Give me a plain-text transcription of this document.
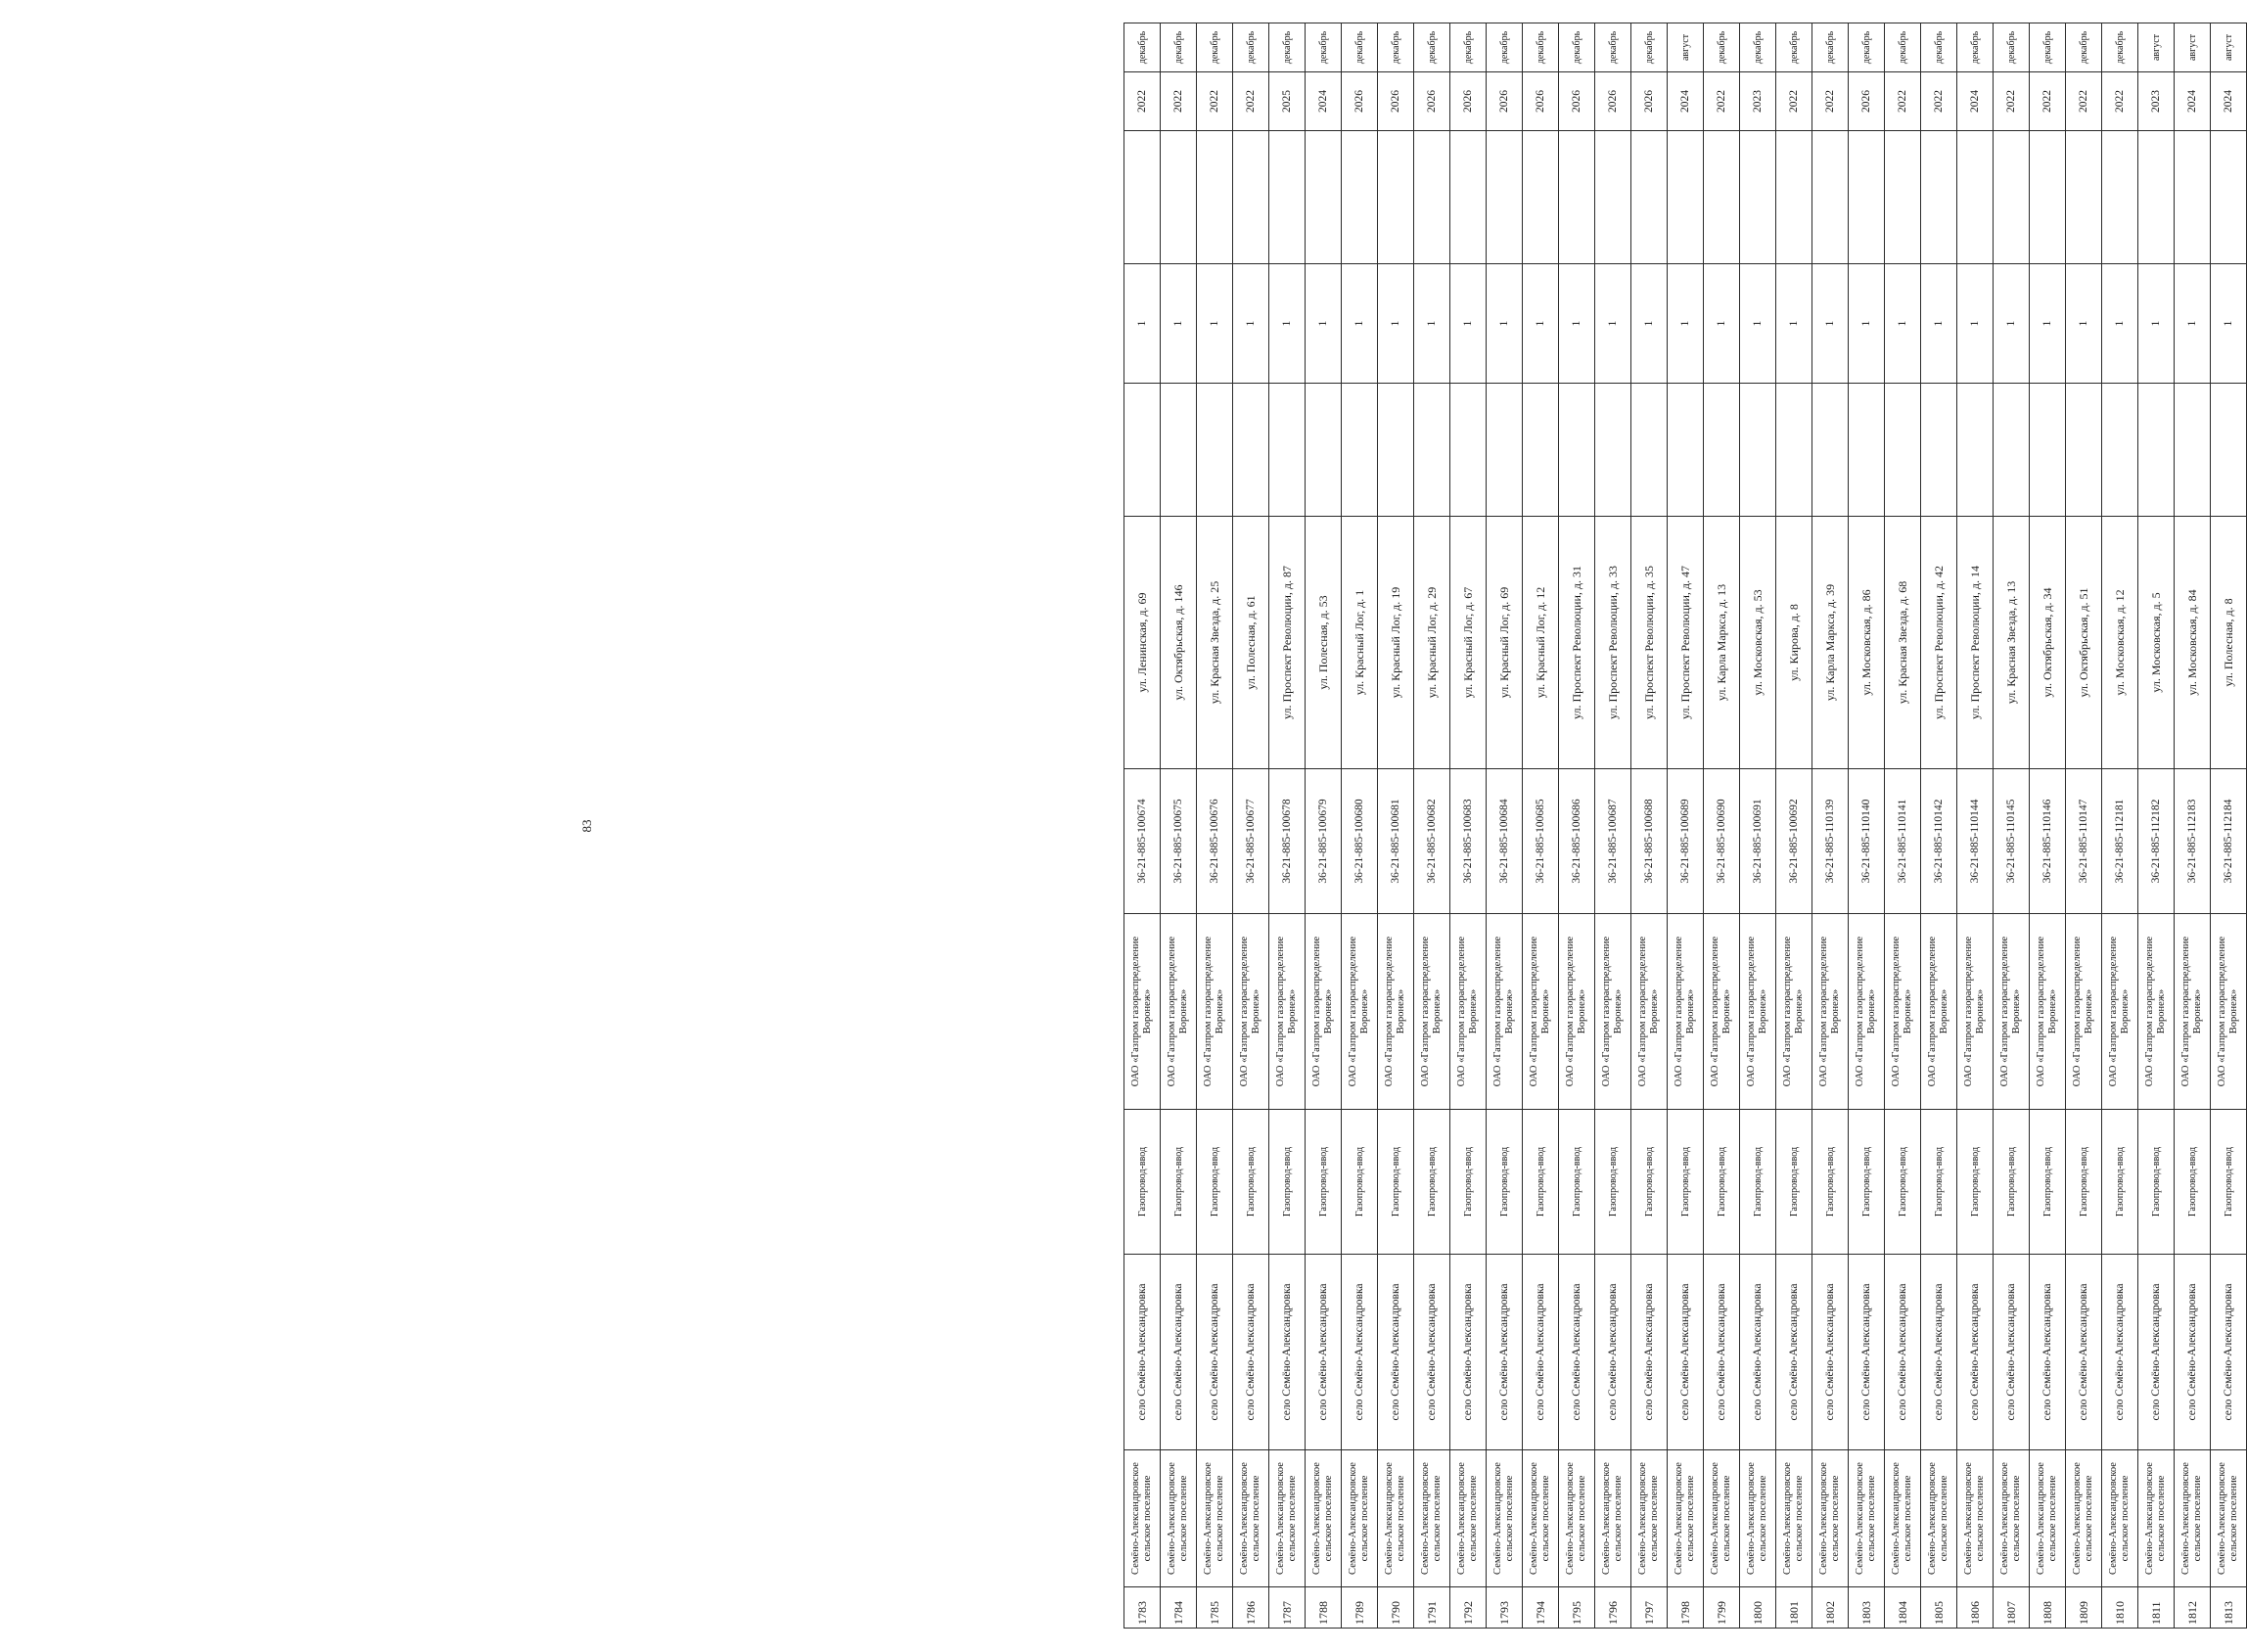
83
1783	Семёно-Александровское сельское поселение	село Семёно-Александровка	Газопровод-ввод	ОАО «Газпром газораспределение Воронеж»	36-21-885-100674	ул. Ленинская, д. 69		1		2022	декабрь
1784	Семёно-Александровское сельское поселение	село Семёно-Александровка	Газопровод-ввод	ОАО «Газпром газораспределение Воронеж»	36-21-885-100675	ул. Октябрьская, д. 146		1		2022	декабрь
1785	Семёно-Александровское сельское поселение	село Семёно-Александровка	Газопровод-ввод	ОАО «Газпром газораспределение Воронеж»	36-21-885-100676	ул. Красная Звезда, д. 25		1		2022	декабрь
1786	Семёно-Александровское сельское поселение	село Семёно-Александровка	Газопровод-ввод	ОАО «Газпром газораспределение Воронеж»	36-21-885-100677	ул. Полесная, д. 61		1		2022	декабрь
1787	Семёно-Александровское сельское поселение	село Семёно-Александровка	Газопровод-ввод	ОАО «Газпром газораспределение Воронеж»	36-21-885-100678	ул. Проспект Революции, д. 87		1		2025	декабрь
1788	Семёно-Александровское сельское поселение	село Семёно-Александровка	Газопровод-ввод	ОАО «Газпром газораспределение Воронеж»	36-21-885-100679	ул. Полесная, д. 53		1		2024	декабрь
1789	Семёно-Александровское сельское поселение	село Семёно-Александровка	Газопровод-ввод	ОАО «Газпром газораспределение Воронеж»	36-21-885-100680	ул. Красный Лог, д. 1		1		2026	декабрь
1790	Семёно-Александровское сельское поселение	село Семёно-Александровка	Газопровод-ввод	ОАО «Газпром газораспределение Воронеж»	36-21-885-100681	ул. Красный Лог, д. 19		1		2026	декабрь
1791	Семёно-Александровское сельское поселение	село Семёно-Александровка	Газопровод-ввод	ОАО «Газпром газораспределение Воронеж»	36-21-885-100682	ул. Красный Лог, д. 29		1		2026	декабрь
1792	Семёно-Александровское сельское поселение	село Семёно-Александровка	Газопровод-ввод	ОАО «Газпром газораспределение Воронеж»	36-21-885-100683	ул. Красный Лог, д. 67		1		2026	декабрь
1793	Семёно-Александровское сельское поселение	село Семёно-Александровка	Газопровод-ввод	ОАО «Газпром газораспределение Воронеж»	36-21-885-100684	ул. Красный Лог, д. 69		1		2026	декабрь
1794	Семёно-Александровское сельское поселение	село Семёно-Александровка	Газопровод-ввод	ОАО «Газпром газораспределение Воронеж»	36-21-885-100685	ул. Красный Лог, д. 12		1		2026	декабрь
1795	Семёно-Александровское сельское поселение	село Семёно-Александровка	Газопровод-ввод	ОАО «Газпром газораспределение Воронеж»	36-21-885-100686	ул. Проспект Революции, д. 31		1		2026	декабрь
1796	Семёно-Александровское сельское поселение	село Семёно-Александровка	Газопровод-ввод	ОАО «Газпром газораспределение Воронеж»	36-21-885-100687	ул. Проспект Революции, д. 33		1		2026	декабрь
1797	Семёно-Александровское сельское поселение	село Семёно-Александровка	Газопровод-ввод	ОАО «Газпром газораспределение Воронеж»	36-21-885-100688	ул. Проспект Революции, д. 35		1		2026	декабрь
1798	Семёно-Александровское сельское поселение	село Семёно-Александровка	Газопровод-ввод	ОАО «Газпром газораспределение Воронеж»	36-21-885-100689	ул. Проспект Революции, д. 47		1		2024	август
1799	Семёно-Александровское сельское поселение	село Семёно-Александровка	Газопровод-ввод	ОАО «Газпром газораспределение Воронеж»	36-21-885-100690	ул. Карла Маркса, д. 13		1		2022	декабрь
1800	Семёно-Александровское сельское поселение	село Семёно-Александровка	Газопровод-ввод	ОАО «Газпром газораспределение Воронеж»	36-21-885-100691	ул. Московская, д. 53		1		2023	декабрь
1801	Семёно-Александровское сельское поселение	село Семёно-Александровка	Газопровод-ввод	ОАО «Газпром газораспределение Воронеж»	36-21-885-100692	ул. Кирова, д. 8		1		2022	декабрь
1802	Семёно-Александровское сельское поселение	село Семёно-Александровка	Газопровод-ввод	ОАО «Газпром газораспределение Воронеж»	36-21-885-110139	ул. Карла Маркса, д. 39		1		2022	декабрь
1803	Семёно-Александровское сельское поселение	село Семёно-Александровка	Газопровод-ввод	ОАО «Газпром газораспределение Воронеж»	36-21-885-110140	ул. Московская, д. 86		1		2026	декабрь
1804	Семёно-Александровское сельское поселение	село Семёно-Александровка	Газопровод-ввод	ОАО «Газпром газораспределение Воронеж»	36-21-885-110141	ул. Красная Звезда, д. 68		1		2022	декабрь
1805	Семёно-Александровское сельское поселение	село Семёно-Александровка	Газопровод-ввод	ОАО «Газпром газораспределение Воронеж»	36-21-885-110142	ул. Проспект Революции, д. 42		1		2022	декабрь
1806	Семёно-Александровское сельское поселение	село Семёно-Александровка	Газопровод-ввод	ОАО «Газпром газораспределение Воронеж»	36-21-885-110144	ул. Проспект Революции, д. 14		1		2024	декабрь
1807	Семёно-Александровское сельское поселение	село Семёно-Александровка	Газопровод-ввод	ОАО «Газпром газораспределение Воронеж»	36-21-885-110145	ул. Красная Звезда, д. 13		1		2022	декабрь
1808	Семёно-Александровское сельское поселение	село Семёно-Александровка	Газопровод-ввод	ОАО «Газпром газораспределение Воронеж»	36-21-885-110146	ул. Октябрьская, д. 34		1		2022	декабрь
1809	Семёно-Александровское сельское поселение	село Семёно-Александровка	Газопровод-ввод	ОАО «Газпром газораспределение Воронеж»	36-21-885-110147	ул. Октябрьская, д. 51		1		2022	декабрь
1810	Семёно-Александровское сельское поселение	село Семёно-Александровка	Газопровод-ввод	ОАО «Газпром газораспределение Воронеж»	36-21-885-112181	ул. Московская, д. 12		1		2022	декабрь
1811	Семёно-Александровское сельское поселение	село Семёно-Александровка	Газопровод-ввод	ОАО «Газпром газораспределение Воронеж»	36-21-885-112182	ул. Московская, д. 5		1		2023	август
1812	Семёно-Александровское сельское поселение	село Семёно-Александровка	Газопровод-ввод	ОАО «Газпром газораспределение Воронеж»	36-21-885-112183	ул. Московская, д. 84		1		2024	август
1813	Семёно-Александровское сельское поселение	село Семёно-Александровка	Газопровод-ввод	ОАО «Газпром газораспределение Воронеж»	36-21-885-112184	ул. Полесная, д. 8		1		2024	август
